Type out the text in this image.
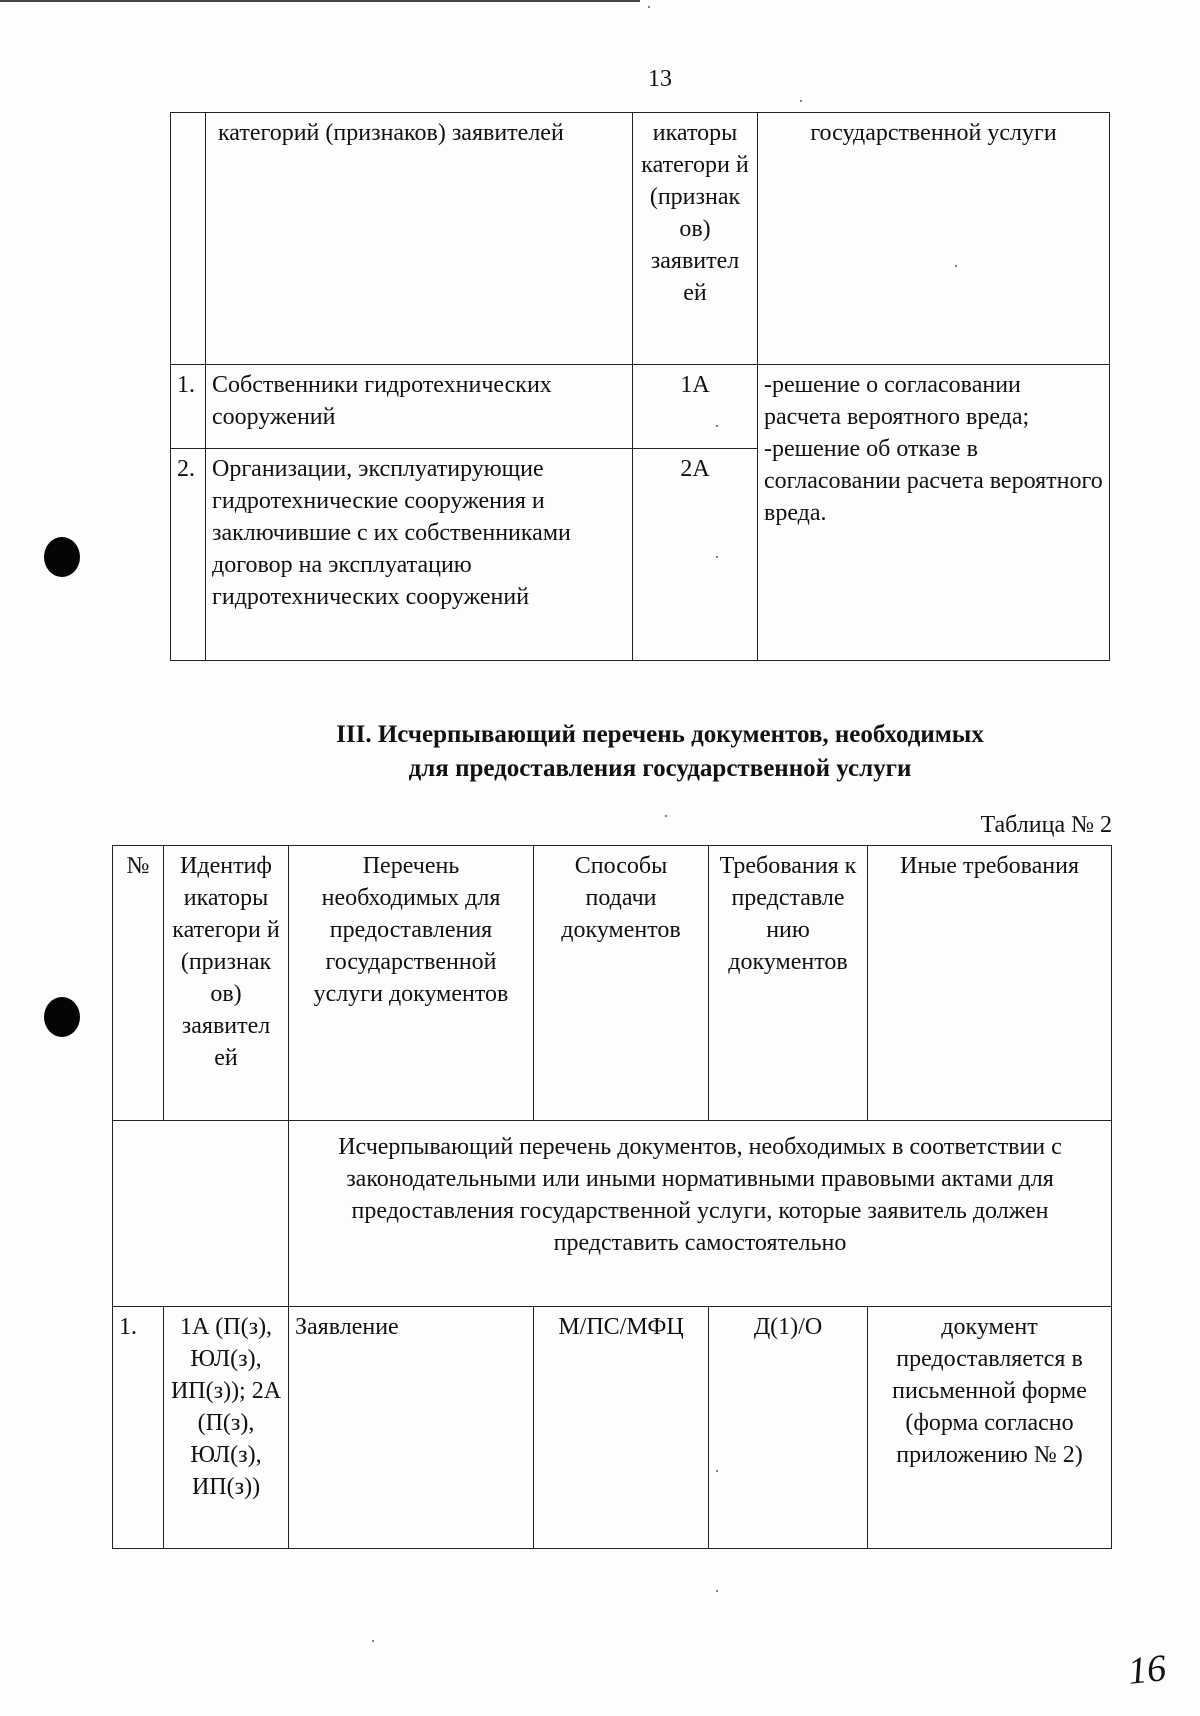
13
	категорий (признаков) заявителей	икаторы категори й (признак ов) заявител ей	государственной услуги
1.	Собственники гидротехнических сооружений	1А	-решение о согласовании расчета вероятного вреда;
-решение об отказе в согласовании расчета вероятного вреда.

2.	Организации, эксплуатирующие гидротехнические сооружения и заключившие с их собственниками договор на эксплуатацию гидротехнических сооружений	2А	
III. Исчерпывающий перечень документов, необходимых
для предоставления государственной услуги
Таблица № 2
№	Идентиф икаторы категори й (признак ов) заявител ей	Перечень необходимых для предоставления государственной услуги документов	Способы подачи документов	Требования к представле нию документов	Иные требования
		Исчерпывающий перечень документов, необходимых в соответствии с законодательными или иными нормативными правовыми актами для предоставления государственной услуги, которые заявитель должен представить самостоятельно			
1.	1А (П(з), ЮЛ(з), ИП(з)); 2А (П(з), ЮЛ(з), ИП(з))	Заявление	М/ПС/МФЦ	Д(1)/О	документ предоставляется в письменной форме (форма согласно приложению № 2)
16
